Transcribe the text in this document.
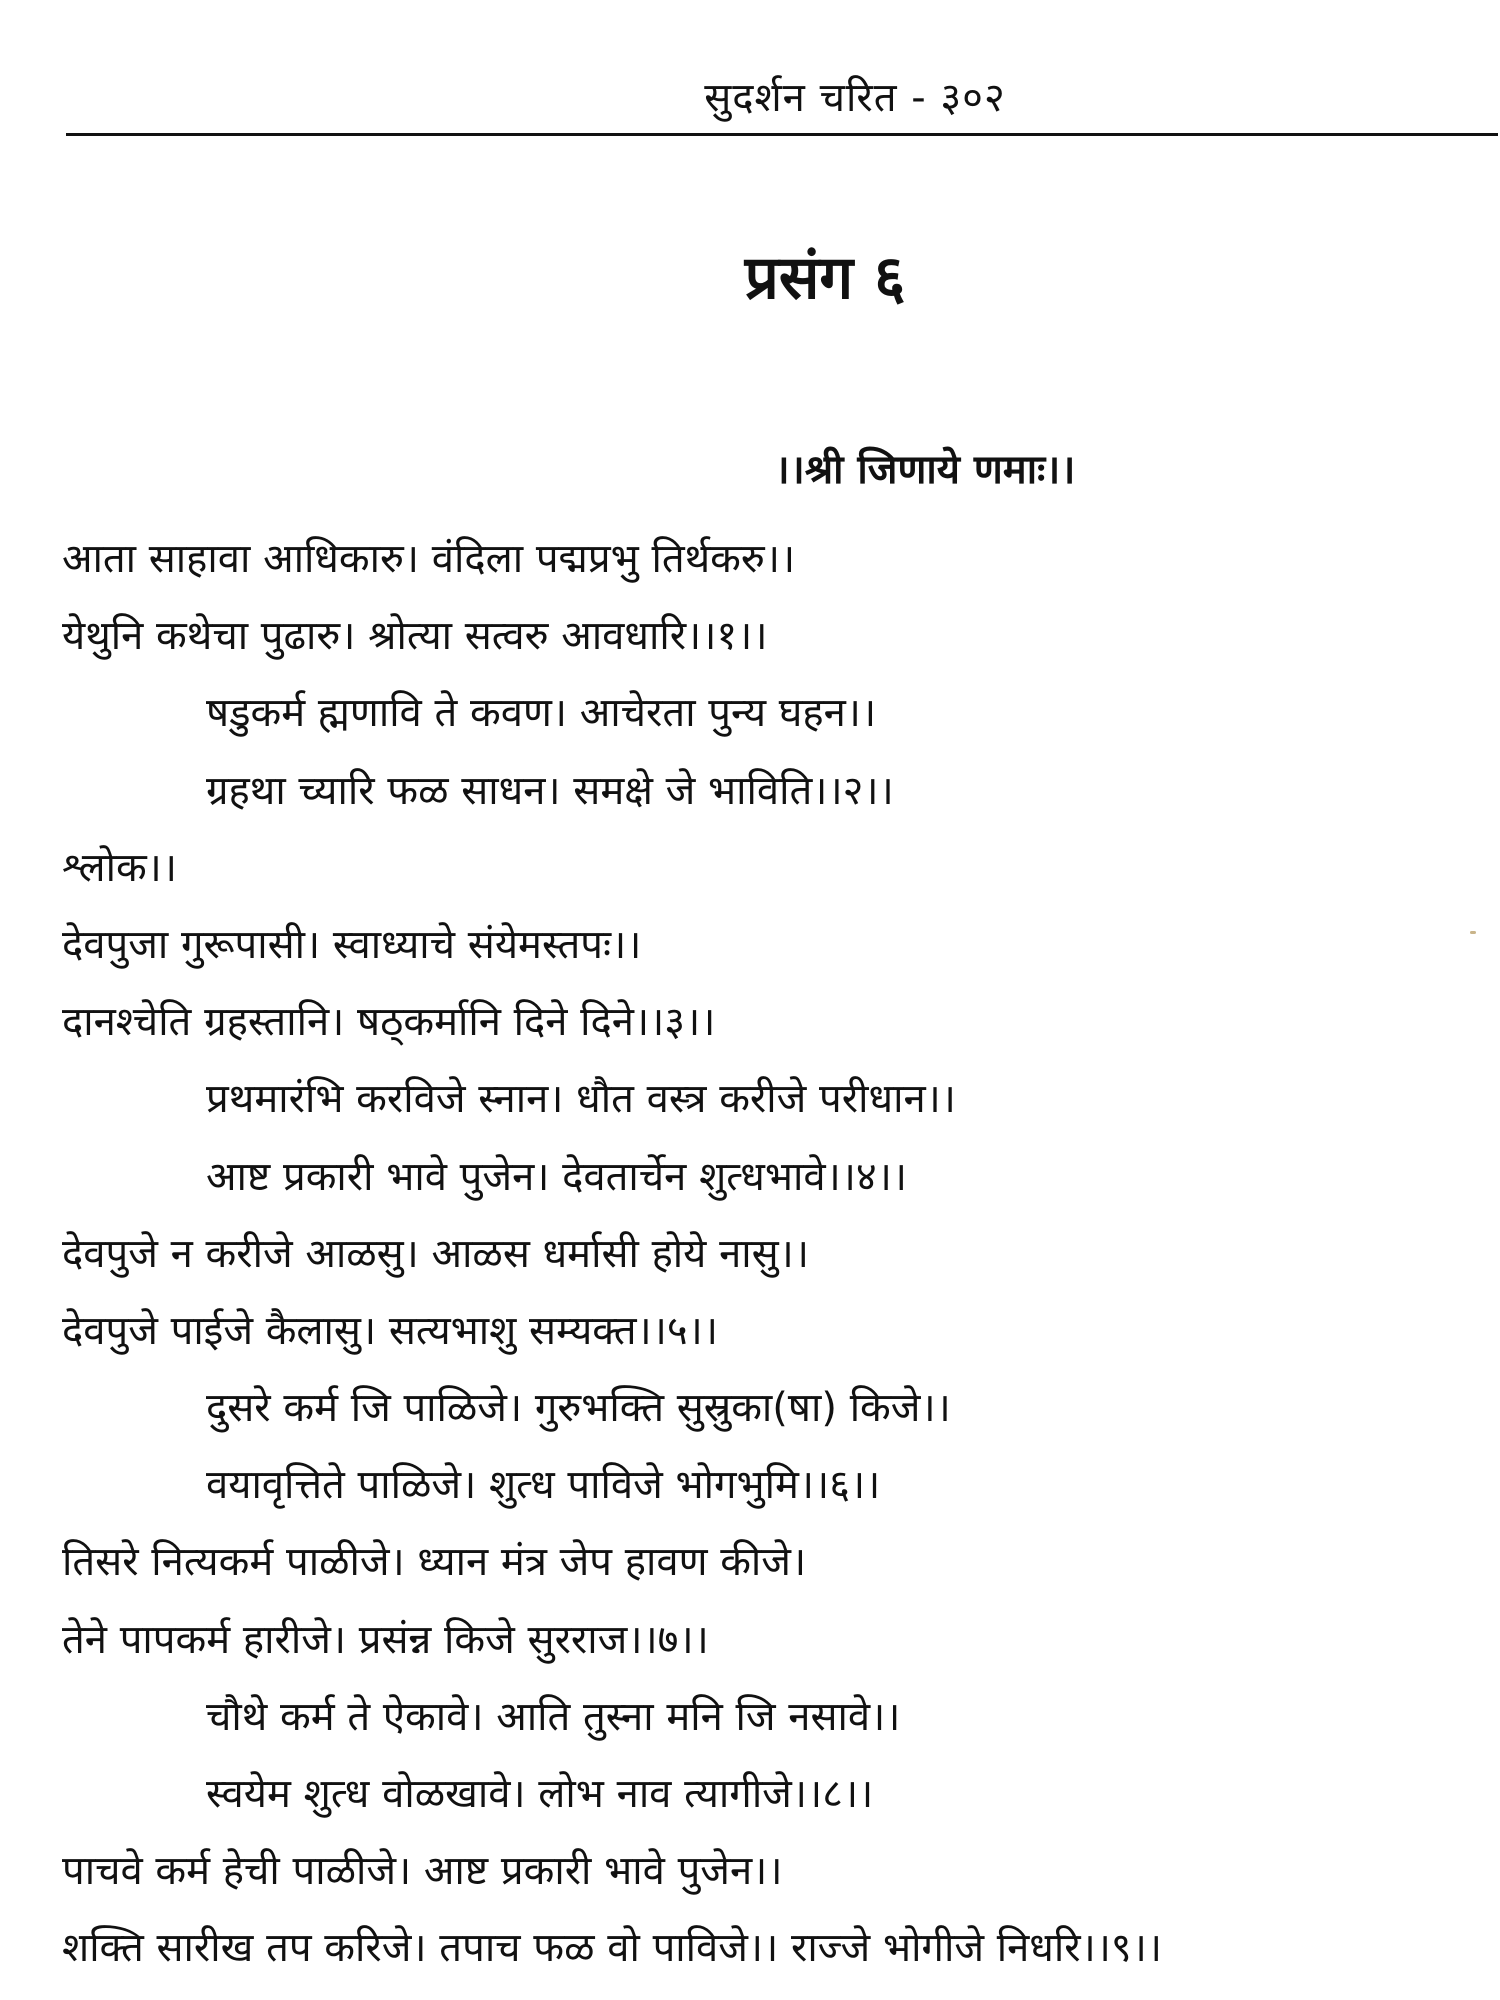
सुदर्शन चरित - ३०२
प्रसंग ६
।।श्री जिणाये णमाः।।
आता साहावा आधिकारु। वंदिला पद्मप्रभु तिर्थकरु।।
येथुनि कथेचा पुढारु। श्रोत्या सत्वरु आवधारि।।१।।
षडुकर्म ह्मणावि ते कवण। आचेरता पुन्य घहन।।
ग्रहथा च्यारि फळ साधन। समक्षे जे भाविति।।२।।
श्लोक।।
देवपुजा गुरूपासी। स्वाध्याचे संयेमस्तपः।।
दानश्चेति ग्रहस्तानि। षठ्कर्मानि दिने दिने।।३।।
प्रथमारंभि करविजे स्नान। धौत वस्त्र करीजे परीधान।।
आष्ट प्रकारी भावे पुजेन। देवतार्चेन शुत्धभावे।।४।।
देवपुजे न करीजे आळसु। आळस धर्मासी होये नासु।।
देवपुजे पाईजे कैलासु। सत्यभाशु सम्यक्त।।५।।
दुसरे कर्म जि पाळिजे। गुरुभक्ति सुस्रुका(षा) किजे।।
वयावृत्तिते पाळिजे। शुत्ध पाविजे भोगभुमि।।६।।
तिसरे नित्यकर्म पाळीजे। ध्यान मंत्र जेप हावण कीजे।
तेने पापकर्म हारीजे। प्रसंन्न किजे सुरराज।।७।।
चौथे कर्म ते ऐकावे। आति तुस्ना मनि जि नसावे।।
स्वयेम शुत्ध वोळखावे। लोभ नाव त्यागीजे।।८।।
पाचवे कर्म हेची पाळीजे। आष्ट प्रकारी भावे पुजेन।।
शक्ति सारीख तप करिजे। तपाच फळ वो पाविजे।। राज्जे भोगीजे निधरि।।९।।
